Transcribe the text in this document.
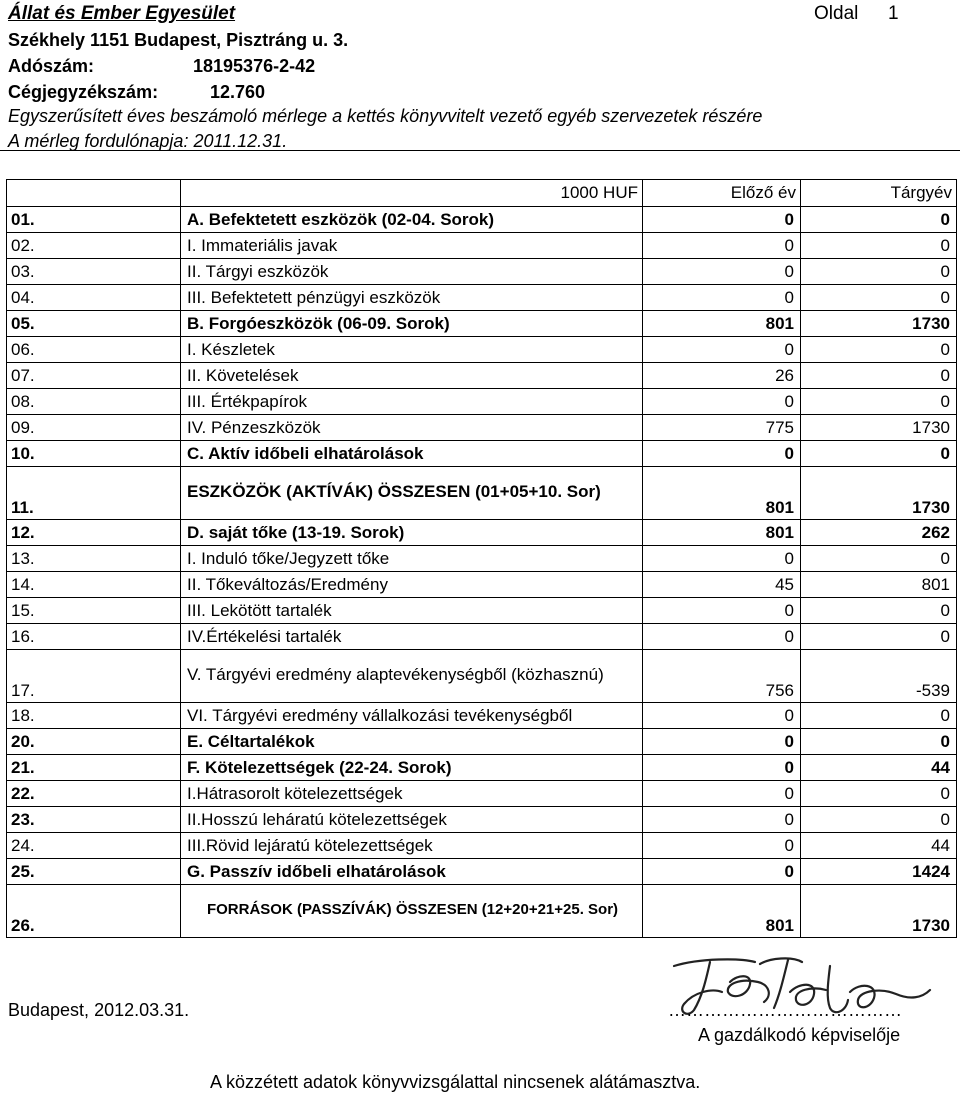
Állat és Ember Egyesület	Oldal 1
Székhely 1151 Budapest, Pisztráng u. 3.
Adószám:	18195376-2-42
Cégjegyzékszám:	12.760
Egyszerűsített éves beszámoló mérlege a kettés könyvvitelt vezető egyéb szervezetek részére
A mérleg fordulónapja: 2011.12.31.
	1000 HUF	Előző év	Tárgyév
01.	A. Befektetett eszközök (02-04. Sorok)	0	0
02.	I. Immateriális javak	0	0
03.	II. Tárgyi eszközök	0	0
04.	III. Befektetett pénzügyi eszközök	0	0
05.	B. Forgóeszközök (06-09. Sorok)	801	1730
06.	I. Készletek	0	0
07.	II. Követelések	26	0
08.	III. Értékpapírok	0	0
09.	IV. Pénzeszközök	775	1730
10.	C. Aktív időbeli elhatárolások	0	0
11.	ESZKÖZÖK (AKTÍVÁK) ÖSSZESEN (01+05+10. Sor)	801	1730
12.	D. saját tőke (13-19. Sorok)	801	262
13.	I. Induló tőke/Jegyzett tőke	0	0
14.	II. Tőkeváltozás/Eredmény	45	801
15.	III. Lekötött tartalék	0	0
16.	IV.Értékelési tartalék	0	0
17.	V. Tárgyévi eredmény alaptevékenységből (közhasznú)	756	-539
18.	VI. Tárgyévi eredmény vállalkozási tevékenységből	0	0
20.	E. Céltartalékok	0	0
21.	F. Kötelezettségek (22-24. Sorok)	0	44
22.	I.Hátrasorolt kötelezettségek	0	0
23.	II.Hosszú leháratú kötelezettségek	0	0
24.	III.Rövid lejáratú kötelezettségek	0	44
25.	G. Passzív időbeli elhatárolások	0	1424
26.	FORRÁSOK (PASSZÍVÁK) ÖSSZESEN (12+20+21+25. Sor)	801	1730
Budapest, 2012.03.31.	…………………………………
A gazdálkodó képviselője
A közzétett adatok könyvvizsgálattal nincsenek alátámasztva.
